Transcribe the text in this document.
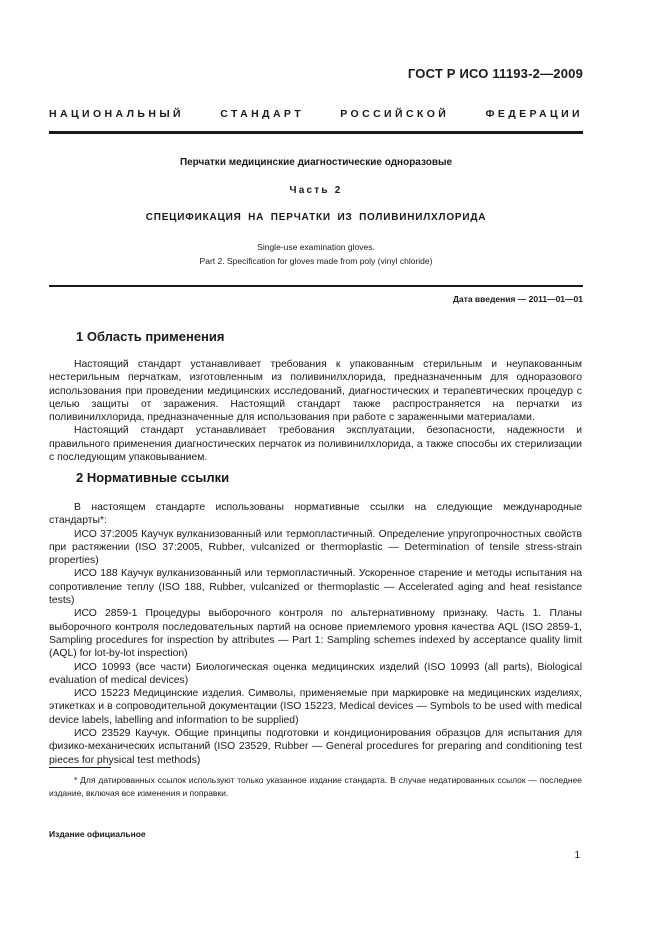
ГОСТ Р ИСО 11193-2—2009
НАЦИОНАЛЬНЫЙ СТАНДАРТ РОССИЙСКОЙ ФЕДЕРАЦИИ
Перчатки медицинские диагностические одноразовые
Часть 2
СПЕЦИФИКАЦИЯ НА ПЕРЧАТКИ ИЗ ПОЛИВИНИЛХЛОРИДА
Single-use examination gloves.
Part 2. Specification for gloves made from poly (vinyl chloride)
Дата введения — 2011—01—01
1 Область применения

Настоящий стандарт устанавливает требования к упакованным стерильным и неупакованным нестерильным перчаткам, изготовленным из поливинилхлорида, предназначенным для одноразового использования при проведении медицинских исследований, диагностических и терапевтических процедур с целью защиты от заражения. Настоящий стандарт также распространяется на перчатки из поливинилхлорида, предназначенные для использования при работе с зараженными материалами.

Настоящий стандарт устанавливает требования эксплуатации, безопасности, надежности и правильного применения диагностических перчаток из поливинилхлорида, а также способы их стерилизации с последующим упаковыванием.

2 Нормативные ссылки

В настоящем стандарте использованы нормативные ссылки на следующие международные стандарты*:

ИСО 37:2005 Каучук вулканизованный или термопластичный. Определение упругопрочностных свойств при растяжении (ISO 37:2005, Rubber, vulcanized or thermoplastic — Determination of tensile stress-strain properties)

ИСО 188 Каучук вулканизованный или термопластичный. Ускоренное старение и методы испытания на сопротивление теплу (ISO 188, Rubber, vulcanized or thermoplastic — Accelerated aging and heat resistance tests)

ИСО 2859-1 Процедуры выборочного контроля по альтернативному признаку. Часть 1. Планы выборочного контроля последовательных партий на основе приемлемого уровня качества AQL (ISO 2859-1, Sampling procedures for inspection by attributes — Part 1: Sampling schemes indexed by acceptance quality limit (AQL) for lot-by-lot inspection)

ИСО 10993 (все части) Биологическая оценка медицинских изделий (ISO 10993 (all parts), Biological evaluation of medical devices)

ИСО 15223 Медицинские изделия. Символы, применяемые при маркировке на медицинских изделиях, этикетках и в сопроводительной документации (ISO 15223, Medical devices — Symbols to be used with medical device labels, labelling and information to be supplied)

ИСО 23529 Каучук. Общие принципы подготовки и кондиционирования образцов для испытания для физико-механических испытаний (ISO 23529, Rubber — General procedures for preparing and conditioning test pieces for physical test methods)

* Для датированных ссылок используют только указанное издание стандарта. В случае недатированных ссылок — последнее издание, включая все изменения и поправки.

Издание официальное
1
